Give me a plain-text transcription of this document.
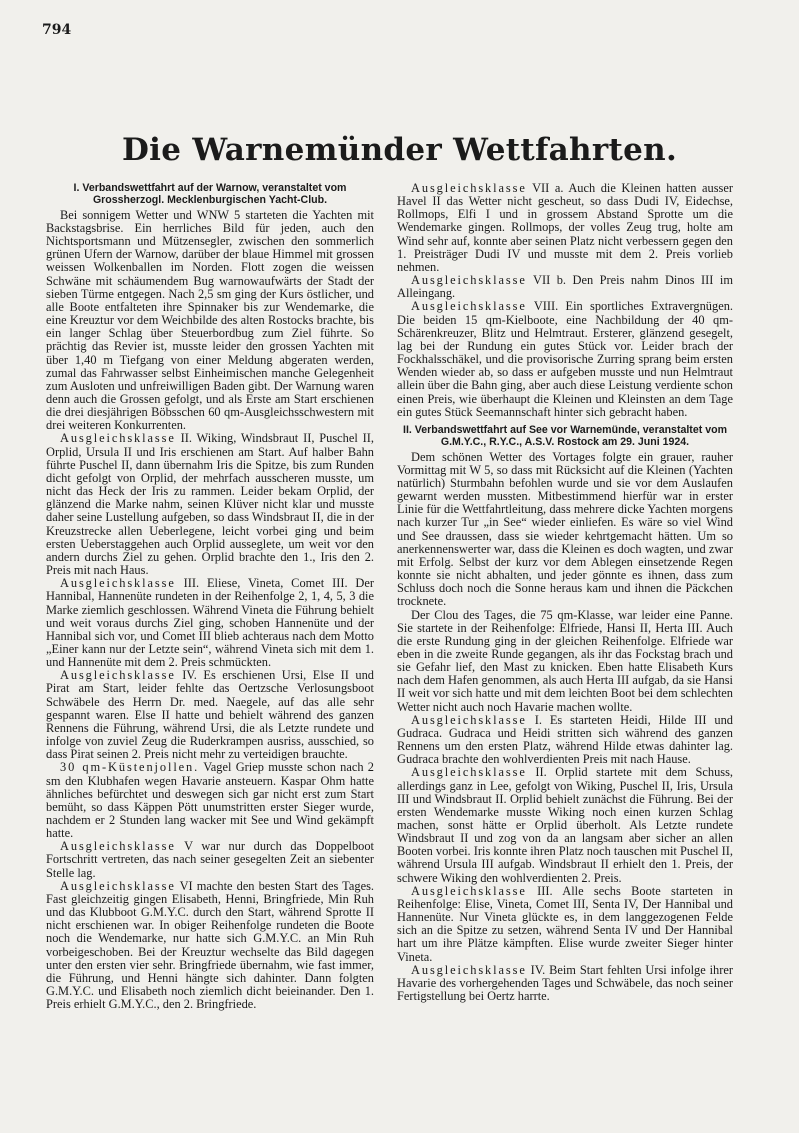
794
Die Warnemünder Wettfahrten.
I. Verbandswettfahrt auf der Warnow, veranstaltet vom Grossherzogl. Mecklenburgischen Yacht-Club.

Bei sonnigem Wetter und WNW 5 starteten die Yachten mit Backstagsbrise. Ein herrliches Bild für jeden, auch den Nichtsportsmann und Mützensegler, zwischen den sommerlich grünen Ufern der Warnow, darüber der blaue Himmel mit grossen weissen Wolkenballen im Norden. Flott zogen die weissen Schwäne mit schäumendem Bug warnowaufwärts der Stadt der sieben Türme entgegen. Nach 2,5 sm ging der Kurs östlicher, und alle Boote entfalteten ihre Spinnaker bis zur Wendemarke, die eine Kreuztur vor dem Weichbilde des alten Rostocks brachte, bis ein langer Schlag über Steuerbordbug zum Ziel führte. So prächtig das Revier ist, musste leider den grossen Yachten mit über 1,40 m Tiefgang von einer Meldung abgeraten werden, zumal das Fahrwasser selbst Einheimischen manche Gelegenheit zum Ausloten und unfreiwilligen Baden gibt. Der Warnung waren denn auch die Grossen gefolgt, und als Erste am Start erschienen die drei diesjährigen Böbsschen 60 qm-Ausgleichsschwestern mit drei weiteren Konkurrenten.

Ausgleichsklasse II. Wiking, Windsbraut II, Puschel II, Orplid, Ursula II und Iris erschienen am Start. Auf halber Bahn führte Puschel II, dann übernahm Iris die Spitze, bis zum Runden dicht gefolgt von Orplid, der mehrfach ausscheren musste, um nicht das Heck der Iris zu rammen. Leider bekam Orplid, der glänzend die Marke nahm, seinen Klüver nicht klar und musste daher seine Lustellung aufgeben, so dass Windsbraut II, die in der Kreuzstrecke allen Ueberlegene, leicht vorbei ging und beim ersten Ueberstaggehen auch Orplid ausseglete, um weit vor den andern durchs Ziel zu gehen. Orplid brachte den 1., Iris den 2. Preis mit nach Haus.

Ausgleichsklasse III. Eliese, Vineta, Comet III. Der Hannibal, Hannenüte rundeten in der Reihenfolge 2, 1, 4, 5, 3 die Marke ziemlich geschlossen. Während Vineta die Führung behielt und weit voraus durchs Ziel ging, schoben Hannenüte und der Hannibal sich vor, und Comet III blieb achteraus nach dem Motto „Einer kann nur der Letzte sein“, während Vineta sich mit dem 1. und Hannenüte mit dem 2. Preis schmückten.

Ausgleichsklasse IV. Es erschienen Ursi, Else II und Pirat am Start, leider fehlte das Oertzsche Verlosungsboot Schwäbele des Herrn Dr. med. Naegele, auf das alle sehr gespannt waren. Else II hatte und behielt während des ganzen Rennens die Führung, während Ursi, die als Letzte rundete und infolge von zuviel Zeug die Ruderkrampen ausriss, ausschied, so dass Pirat seinen 2. Preis nicht mehr zu verteidigen brauchte.

30 qm-Küstenjollen. Vagel Griep musste schon nach 2 sm den Klubhafen wegen Havarie ansteuern. Kaspar Ohm hatte ähnliches befürchtet und deswegen sich gar nicht erst zum Start bemüht, so dass Käppen Pött unumstritten erster Sieger wurde, nachdem er 2 Stunden lang wacker mit See und Wind gekämpft hatte.

Ausgleichsklasse V war nur durch das Doppelboot Fortschritt vertreten, das nach seiner gesegelten Zeit an siebenter Stelle lag.

Ausgleichsklasse VI machte den besten Start des Tages. Fast gleichzeitig gingen Elisabeth, Henni, Bringfriede, Min Ruh und das Klubboot G.M.Y.C. durch den Start, während Sprotte II nicht erschienen war. In obiger Reihenfolge rundeten die Boote noch die Wendemarke, nur hatte sich G.M.Y.C. an Min Ruh vorbeigeschoben. Bei der Kreuztur wechselte das Bild dagegen unter den ersten vier sehr. Bringfriede übernahm, wie fast immer, die Führung, und Henni hängte sich dahinter. Dann folgten G.M.Y.C. und Elisabeth noch ziemlich dicht beieinander. Den 1. Preis erhielt G.M.Y.C., den 2. Bringfriede.

Ausgleichsklasse VII a. Auch die Kleinen hatten ausser Havel II das Wetter nicht gescheut, so dass Dudi IV, Eidechse, Rollmops, Elfi I und in grossem Abstand Sprotte um die Wendemarke gingen. Rollmops, der volles Zeug trug, holte am Wind sehr auf, konnte aber seinen Platz nicht verbessern gegen den 1. Preisträger Dudi IV und musste mit dem 2. Preis vorlieb nehmen.

Ausgleichsklasse VII b. Den Preis nahm Dinos III im Alleingang.

Ausgleichsklasse VIII. Ein sportliches Extravergnügen. Die beiden 15 qm-Kielboote, eine Nachbildung der 40 qm-Schärenkreuzer, Blitz und Helmtraut. Ersterer, glänzend gesegelt, lag bei der Rundung ein gutes Stück vor. Leider brach der Fockhalsschäkel, und die provisorische Zurring sprang beim ersten Wenden wieder ab, so dass er aufgeben musste und nun Helmtraut allein über die Bahn ging, aber auch diese Leistung verdiente schon einen Preis, wie überhaupt die Kleinen und Kleinsten an dem Tage ein gutes Stück Seemannschaft hinter sich gebracht haben.

II. Verbandswettfahrt auf See vor Warnemünde, veranstaltet vom G.M.Y.C., R.Y.C., A.S.V. Rostock am 29. Juni 1924.

Dem schönen Wetter des Vortages folgte ein grauer, rauher Vormittag mit W 5, so dass mit Rücksicht auf die Kleinen (Yachten natürlich) Sturmbahn befohlen wurde und sie vor dem Auslaufen gewarnt werden mussten. Mitbestimmend hierfür war in erster Linie für die Wettfahrtleitung, dass mehrere dicke Yachten morgens nach kurzer Tur „in See“ wieder einliefen. Es wäre so viel Wind und See draussen, dass sie wieder kehrtgemacht hätten. Um so anerkennenswerter war, dass die Kleinen es doch wagten, und zwar mit Erfolg. Selbst der kurz vor dem Ablegen einsetzende Regen konnte sie nicht abhalten, und jeder gönnte es ihnen, dass zum Schluss doch noch die Sonne heraus kam und ihnen die Päckchen trocknete.

Der Clou des Tages, die 75 qm-Klasse, war leider eine Panne. Sie startete in der Reihenfolge: Elfriede, Hansi II, Herta III. Auch die erste Rundung ging in der gleichen Reihenfolge. Elfriede war eben in die zweite Runde gegangen, als ihr das Fockstag brach und sie Gefahr lief, den Mast zu knicken. Eben hatte Elisabeth Kurs nach dem Hafen genommen, als auch Herta III aufgab, da sie Hansi II weit vor sich hatte und mit dem leichten Boot bei dem schlechten Wetter nicht auch noch Havarie machen wollte.

Ausgleichsklasse I. Es starteten Heidi, Hilde III und Gudraca. Gudraca und Heidi stritten sich während des ganzen Rennens um den ersten Platz, während Hilde etwas dahinter lag. Gudraca brachte den wohlverdienten Preis mit nach Hause.

Ausgleichsklasse II. Orplid startete mit dem Schuss, allerdings ganz in Lee, gefolgt von Wiking, Puschel II, Iris, Ursula III und Windsbraut II. Orplid behielt zunächst die Führung. Bei der ersten Wendemarke musste Wiking noch einen kurzen Schlag machen, sonst hätte er Orplid überholt. Als Letzte rundete Windsbraut II und zog von da an langsam aber sicher an allen Booten vorbei. Iris konnte ihren Platz noch tauschen mit Puschel II, während Ursula III aufgab. Windsbraut II erhielt den 1. Preis, der schwere Wiking den wohlverdienten 2. Preis.

Ausgleichsklasse III. Alle sechs Boote starteten in Reihenfolge: Elise, Vineta, Comet III, Senta IV, Der Hannibal und Hannenüte. Nur Vineta glückte es, in dem langgezogenen Felde sich an die Spitze zu setzen, während Senta IV und Der Hannibal hart um ihre Plätze kämpften. Elise wurde zweiter Sieger hinter Vineta.

Ausgleichsklasse IV. Beim Start fehlten Ursi infolge ihrer Havarie des vorhergehenden Tages und Schwäbele, das noch seiner Fertigstellung bei Oertz harrte.
